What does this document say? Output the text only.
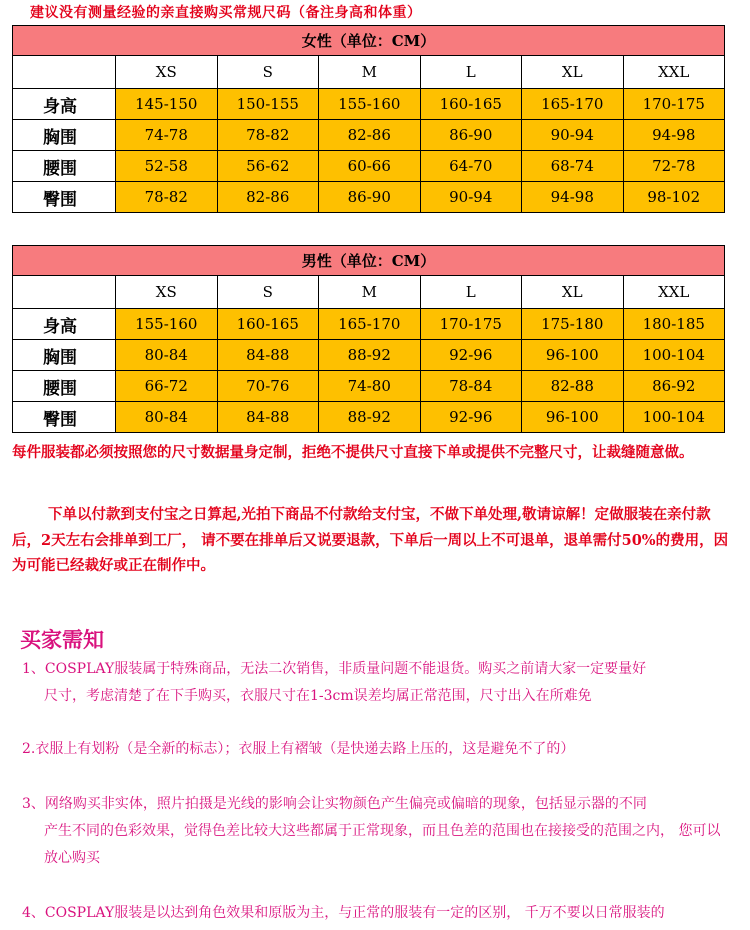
建议没有测量经验的亲直接购买常规尺码（备注身高和体重）
女性（单位：CM）						
	XS	S	M	L	XL	XXL
身高	145-150	150-155	155-160	160-165	165-170	170-175
胸围	74-78	78-82	82-86	86-90	90-94	94-98
腰围	52-58	56-62	60-66	64-70	68-74	72-78
臀围	78-82	82-86	86-90	90-94	94-98	98-102
男性（单位：CM）						
	XS	S	M	L	XL	XXL
身高	155-160	160-165	165-170	170-175	175-180	180-185
胸围	80-84	84-88	88-92	92-96	96-100	100-104
腰围	66-72	70-76	74-80	78-84	82-88	86-92
臀围	80-84	84-88	88-92	92-96	96-100	100-104
每件服装都必须按照您的尺寸数据量身定制，拒绝不提供尺寸直接下单或提供不完整尺寸，让裁缝随意做。
下单以付款到支付宝之日算起,光拍下商品不付款给支付宝，不做下单处理,敬请谅解！定做服装在亲付款后，2天左右会排单到工厂， 请不要在排单后又说要退款，下单后一周以上不可退单，退单需付50%的费用，因为可能已经裁好或正在制作中。
买家需知
1、COSPLAY服装属于特殊商品，无法二次销售，非质量问题不能退货。购买之前请大家一定要量好
尺寸，考虑清楚了在下手购买，衣服尺寸在1-3cm误差均属正常范围，尺寸出入在所难免
2.衣服上有划粉（是全新的标志）；衣服上有褶皱（是快递去路上压的，这是避免不了的）
3、网络购买非实体，照片拍摄是光线的影响会让实物颜色产生偏亮或偏暗的现象，包括显示器的不同
产生不同的色彩效果，觉得色差比较大这些都属于正常现象，而且色差的范围也在接接受的范围之内， 您可以放心购买
4、COSPLAY服装是以达到角色效果和原版为主，与正常的服装有一定的区别， 千万不要以日常服装的
